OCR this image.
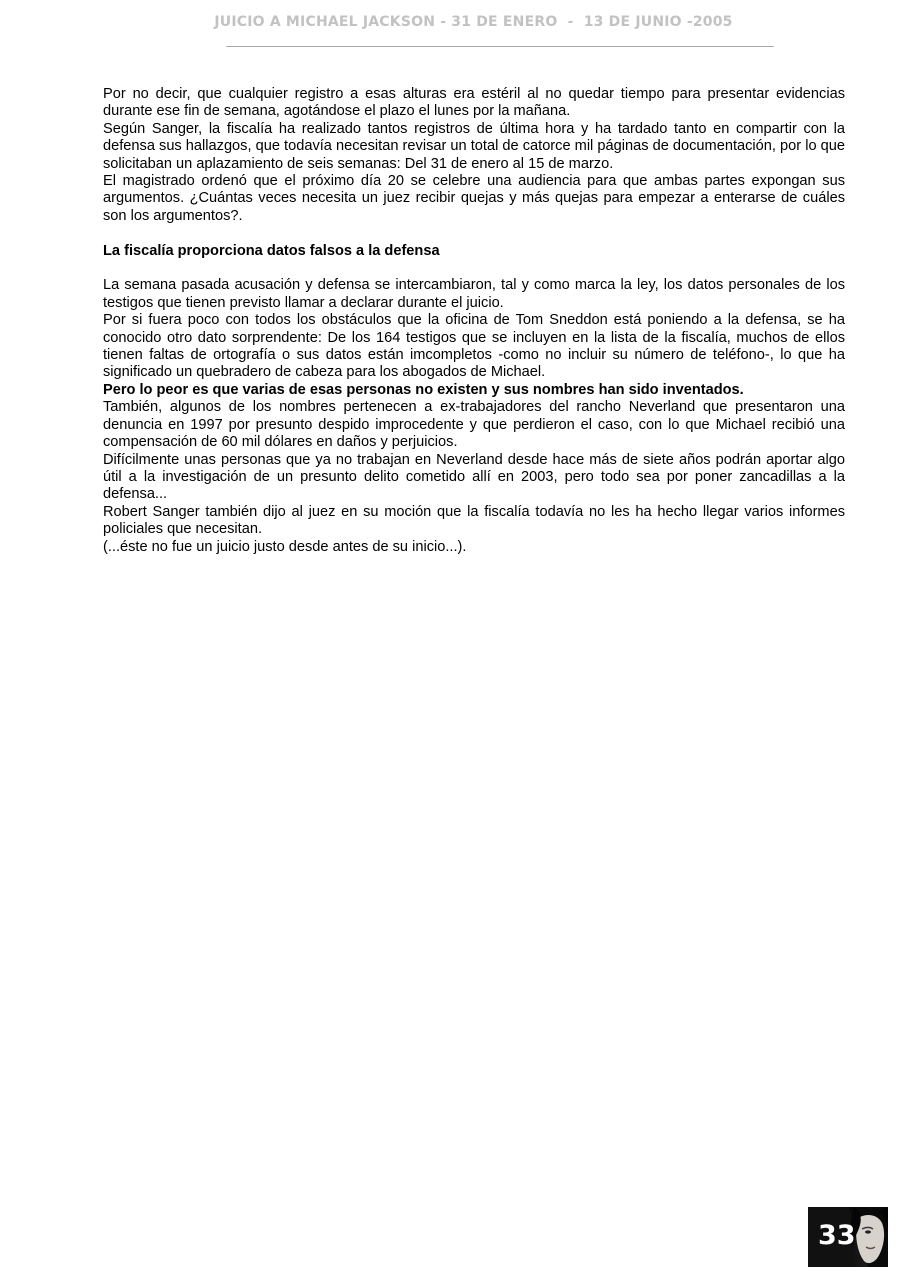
JUICIO A MICHAEL JACKSON - 31 DE ENERO  -  13 DE JUNIO -2005

Por no decir, que cualquier registro a esas alturas era estéril al no quedar tiempo para presentar evidencias durante ese fin de semana, agotándose el plazo el lunes por la mañana.

Según Sanger, la fiscalía ha realizado tantos registros de última hora y ha tardado tanto en compartir con la defensa sus hallazgos, que todavía necesitan revisar un total de catorce mil páginas de documentación, por lo que solicitaban un aplazamiento de seis semanas: Del 31 de enero al 15 de marzo.

El magistrado ordenó que el próximo día 20 se celebre una audiencia para que ambas partes expongan sus argumentos. ¿Cuántas veces necesita un juez recibir quejas y más quejas para empezar a enterarse de cuáles son los argumentos?.

La fiscalía proporciona datos falsos a la defensa

La semana pasada acusación y defensa se intercambiaron, tal y como marca la ley, los datos personales de los testigos que tienen previsto llamar a declarar durante el juicio.

Por si fuera poco con todos los obstáculos que la oficina de Tom Sneddon está poniendo a la defensa, se ha conocido otro dato sorprendente: De los 164 testigos que se incluyen en la lista de la fiscalía, muchos de ellos tienen faltas de ortografía o sus datos están imcompletos -como no incluir su número de teléfono-, lo que ha significado un quebradero de cabeza para los abogados de Michael.

Pero lo peor es que varias de esas personas no existen y sus nombres han sido inventados.

También, algunos de los nombres pertenecen a ex-trabajadores del rancho Neverland que presentaron una denuncia en 1997 por presunto despido improcedente y que perdieron el caso, con lo que Michael recibió una compensación de 60 mil dólares en daños y perjuicios.

Difícilmente unas personas que ya no trabajan en Neverland desde hace más de siete años podrán aportar algo útil a la investigación de un presunto delito cometido allí en 2003, pero todo sea por poner zancadillas a la defensa...

Robert Sanger también dijo al juez en su moción que la fiscalía todavía no les ha hecho llegar varios informes policiales que necesitan.

(...éste no fue un juicio justo desde antes de su inicio...).

33
